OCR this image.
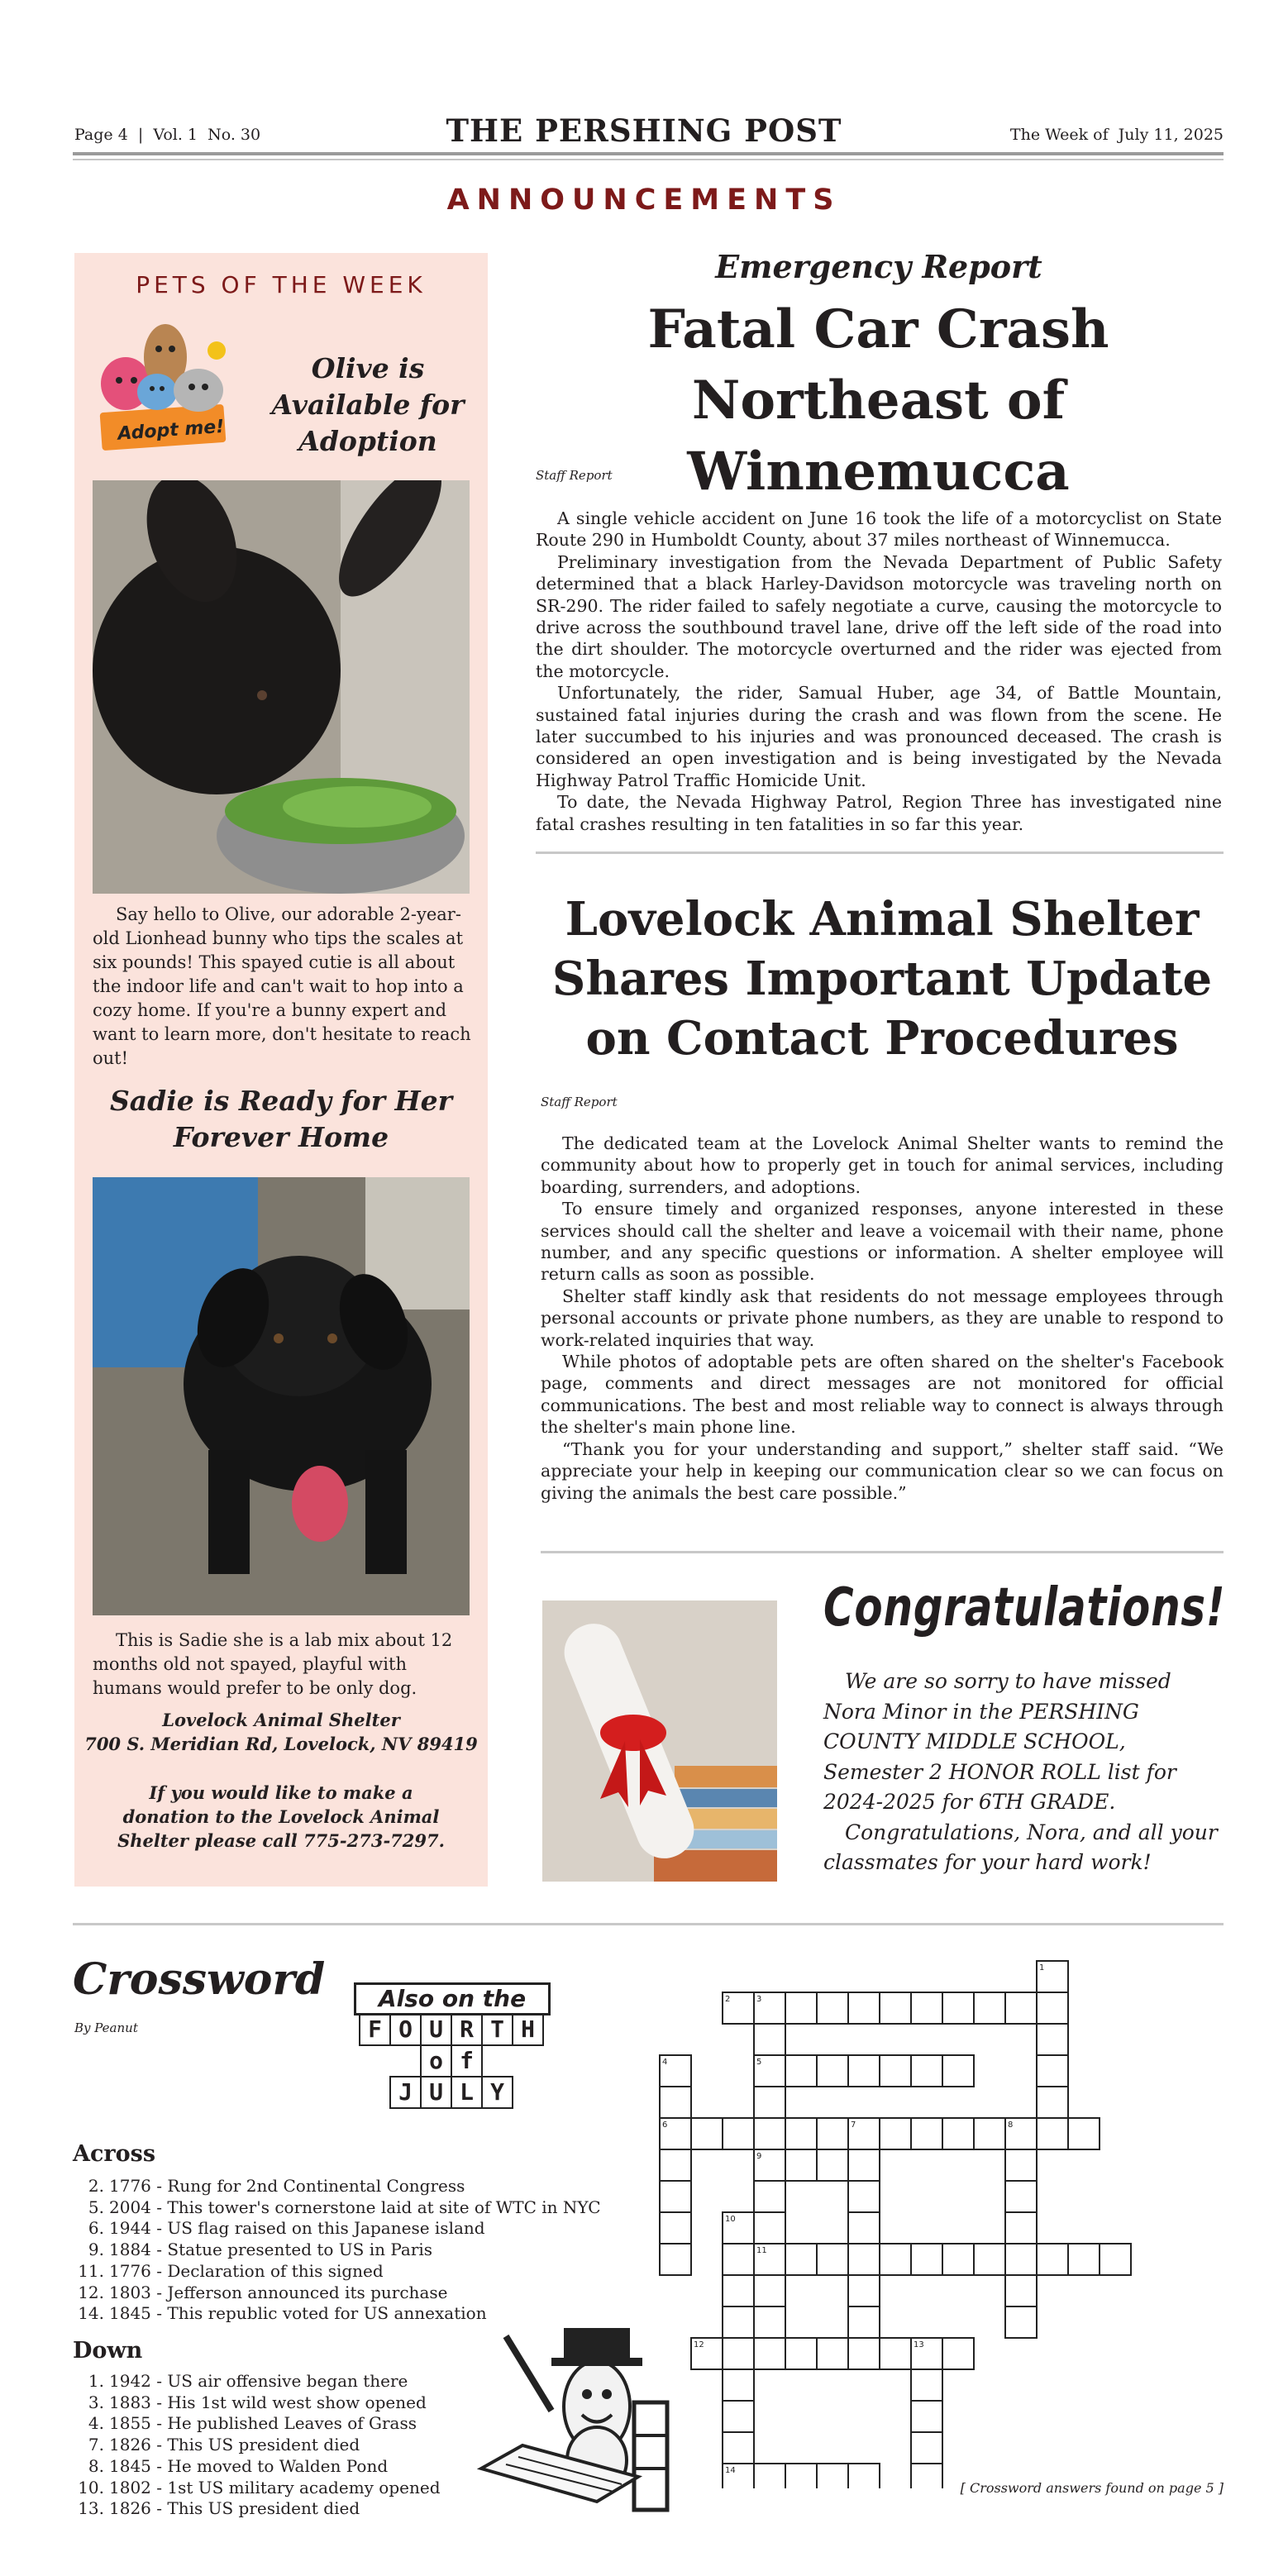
Page 4  |  Vol. 1  No. 30	THE PERSHING POST	The Week of  July 11, 2025
ANNOUNCEMENTS
PETS OF THE WEEK
Adopt me!
Olive is Available for Adoption
Say hello to Olive, our adorable 2-year-old Lionhead bunny who tips the scales at six pounds! This spayed cutie is all about the indoor life and can't wait to hop into a cozy home. If you're a bunny expert and want to learn more, don't hesitate to reach out!
Sadie is Ready for Her Forever Home
This is Sadie she is a lab mix about 12 months old not spayed, playful with humans would prefer to be only dog.
Lovelock Animal Shelter
700 S. Meridian Rd, Lovelock, NV 89419
If you would like to make a donation to the Lovelock Animal Shelter please call 775-273-7297.
Emergency Report
Fatal Car Crash Northeast of Winnemucca
Staff Report

A single vehicle accident on June 16 took the life of a motorcyclist on State Route 290 in Humboldt County, about 37 miles northeast of Winnemucca.

Preliminary investigation from the Nevada Department of Public Safety determined that a black Harley-Davidson motorcycle was traveling north on SR-290. The rider failed to safely negotiate a curve, causing the motorcycle to drive across the southbound travel lane, drive off the left side of the road into the dirt shoulder. The motorcycle overturned and the rider was ejected from the motorcycle.

Unfortunately, the rider, Samual Huber, age 34, of Battle Mountain, sustained fatal injuries during the crash and was flown from the scene. He later succumbed to his injuries and was pronounced deceased. The crash is considered an open investigation and is being investigated by the Nevada Highway Patrol Traffic Homicide Unit.

To date, the Nevada Highway Patrol, Region Three has investigated nine fatal crashes resulting in ten fatalities in so far this year.

Lovelock Animal Shelter Shares Important Update on Contact Procedures
Staff Report

The dedicated team at the Lovelock Animal Shelter wants to remind the community about how to properly get in touch for animal services, including boarding, surrenders, and adoptions.

To ensure timely and organized responses, anyone interested in these services should call the shelter and leave a voicemail with their name, phone number, and any specific questions or information. A shelter employee will return calls as soon as possible.

Shelter staff kindly ask that residents do not message employees through personal accounts or private phone numbers, as they are unable to respond to work-related inquiries that way.

While photos of adoptable pets are often shared on the shelter's Facebook page, comments and direct messages are not monitored for official communications. The best and most reliable way to connect is always through the shelter's main phone line.

“Thank you for your understanding and support,” shelter staff said. “We appreciate your help in keeping our communication clear so we can focus on giving the animals the best care possible.”

Congratulations!

We are so sorry to have missed Nora Minor in the PERSHING COUNTY MIDDLE SCHOOL, Semester 2 HONOR ROLL list for 2024-2025 for 6TH GRADE.

Congratulations, Nora, and all your classmates for your hard work!

Crossword
By Peanut
Also on the
F O U R T H
o f
J U L Y
Across
2. 1776 - Rung for 2nd Continental Congress
5. 2004 - This tower's cornerstone laid at site of WTC in NYC
6. 1944 - US flag raised on this Japanese island
9. 1884 - Statue presented to US in Paris
11. 1776 - Declaration of this signed
12. 1803 - Jefferson announced its purchase
14. 1845 - This republic voted for US annexation
Down
1. 1942 - US air offensive began there
3. 1883 - His 1st wild west show opened
4. 1855 - He published Leaves of Grass
7. 1826 - This US president died
8. 1845 - He moved to Walden Pond
10. 1802 - 1st US military academy opened
13. 1826 - This US president died
2	3
5
6	7	8
9
11
12	13
14
1
4
10
[ Crossword answers found on page 5 ]
